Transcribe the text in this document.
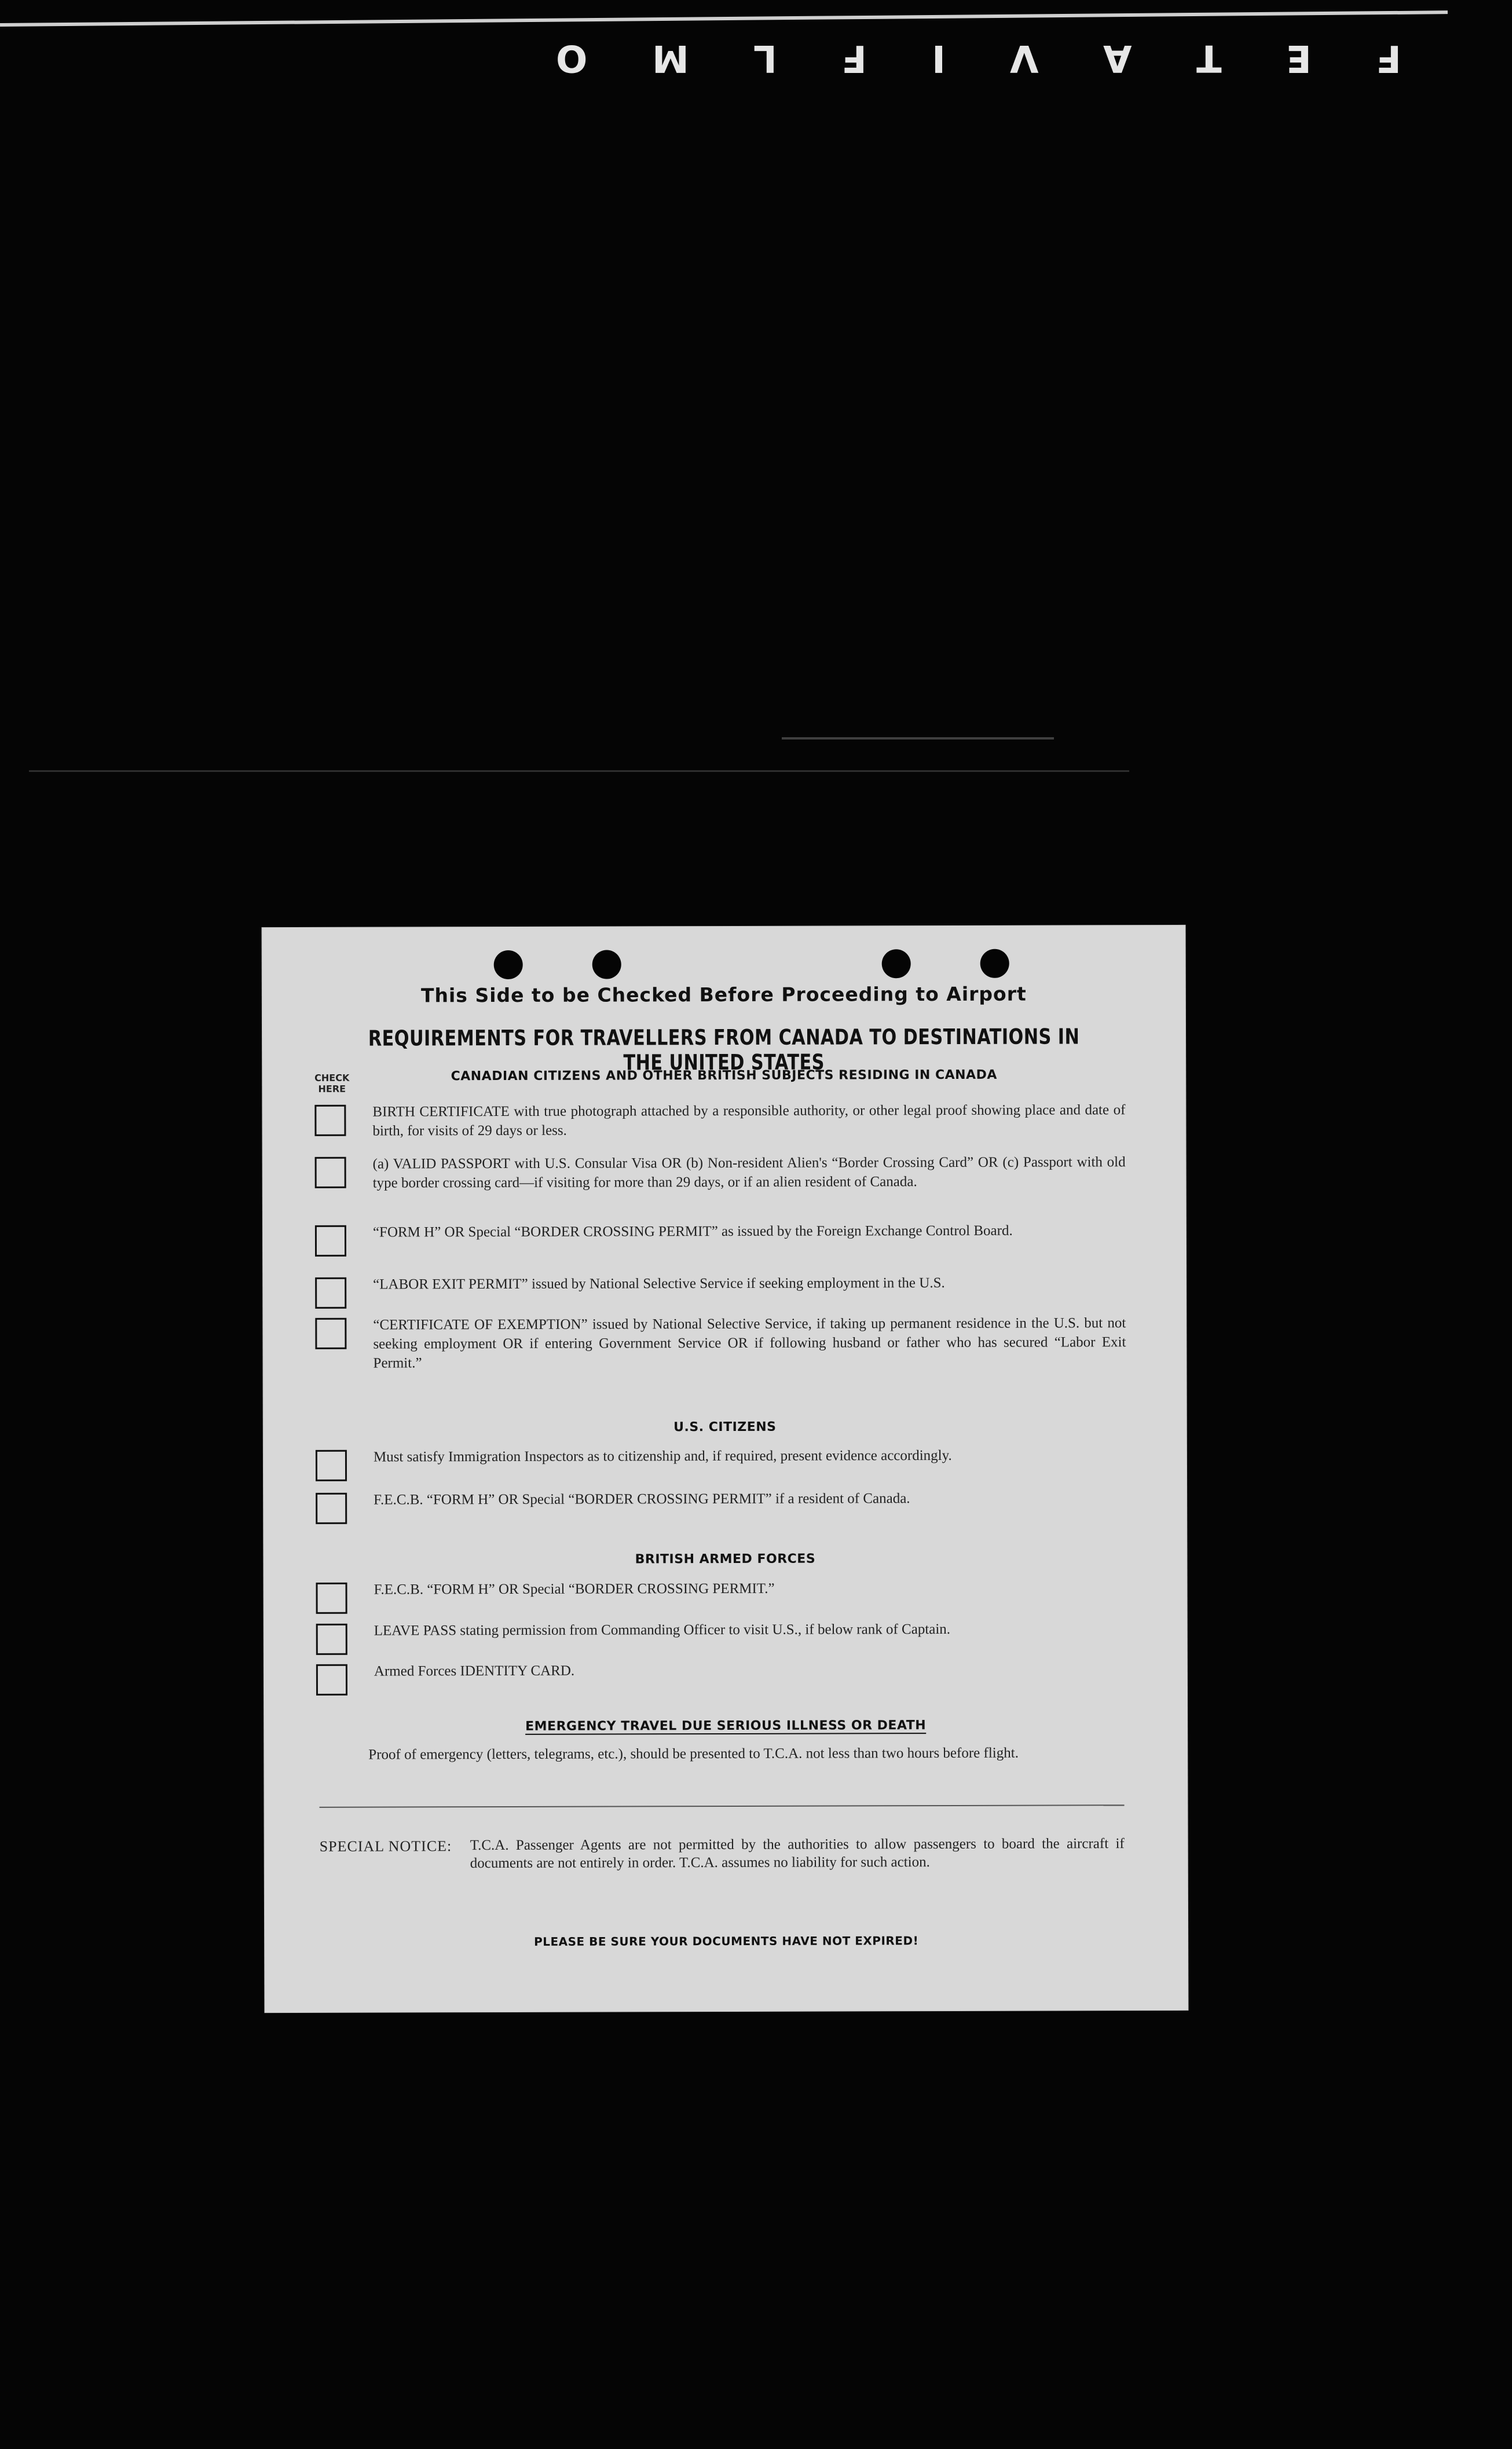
O M L F I V A T E F
This Side to be Checked Before Proceeding to Airport
REQUIREMENTS FOR TRAVELLERS FROM CANADA TO DESTINATIONS IN THE UNITED STATES
CHECK HERE
CANADIAN CITIZENS AND OTHER BRITISH SUBJECTS RESIDING IN CANADA
BIRTH CERTIFICATE with true photograph attached by a responsible authority, or other legal proof showing place and date of birth, for visits of 29 days or less.
(a) VALID PASSPORT with U.S. Consular Visa OR (b) Non-resident Alien's “Border Crossing Card” OR (c) Passport with old type border crossing card—if visiting for more than 29 days, or if an alien resident of Canada.
“FORM H” OR Special “BORDER CROSSING PERMIT” as issued by the Foreign Exchange Control Board.
“LABOR EXIT PERMIT” issued by National Selective Service if seeking employment in the U.S.
“CERTIFICATE OF EXEMPTION” issued by National Selective Service, if taking up permanent residence in the U.S. but not seeking employment OR if entering Government Service OR if following husband or father who has secured “Labor Exit Permit.”
U.S. CITIZENS
Must satisfy Immigration Inspectors as to citizenship and, if required, present evidence accordingly.
F.E.C.B. “FORM H” OR Special “BORDER CROSSING PERMIT” if a resident of Canada.
BRITISH ARMED FORCES
F.E.C.B. “FORM H” OR Special “BORDER CROSSING PERMIT.”
LEAVE PASS stating permission from Commanding Officer to visit U.S., if below rank of Captain.
Armed Forces IDENTITY CARD.
EMERGENCY TRAVEL DUE SERIOUS ILLNESS OR DEATH
Proof of emergency (letters, telegrams, etc.), should be presented to T.C.A. not less than two hours before flight.
SPECIAL NOTICE:	T.C.A. Passenger Agents are not permitted by the authorities to allow passengers to board the aircraft if documents are not entirely in order. T.C.A. assumes no liability for such action.
PLEASE BE SURE YOUR DOCUMENTS HAVE NOT EXPIRED!
